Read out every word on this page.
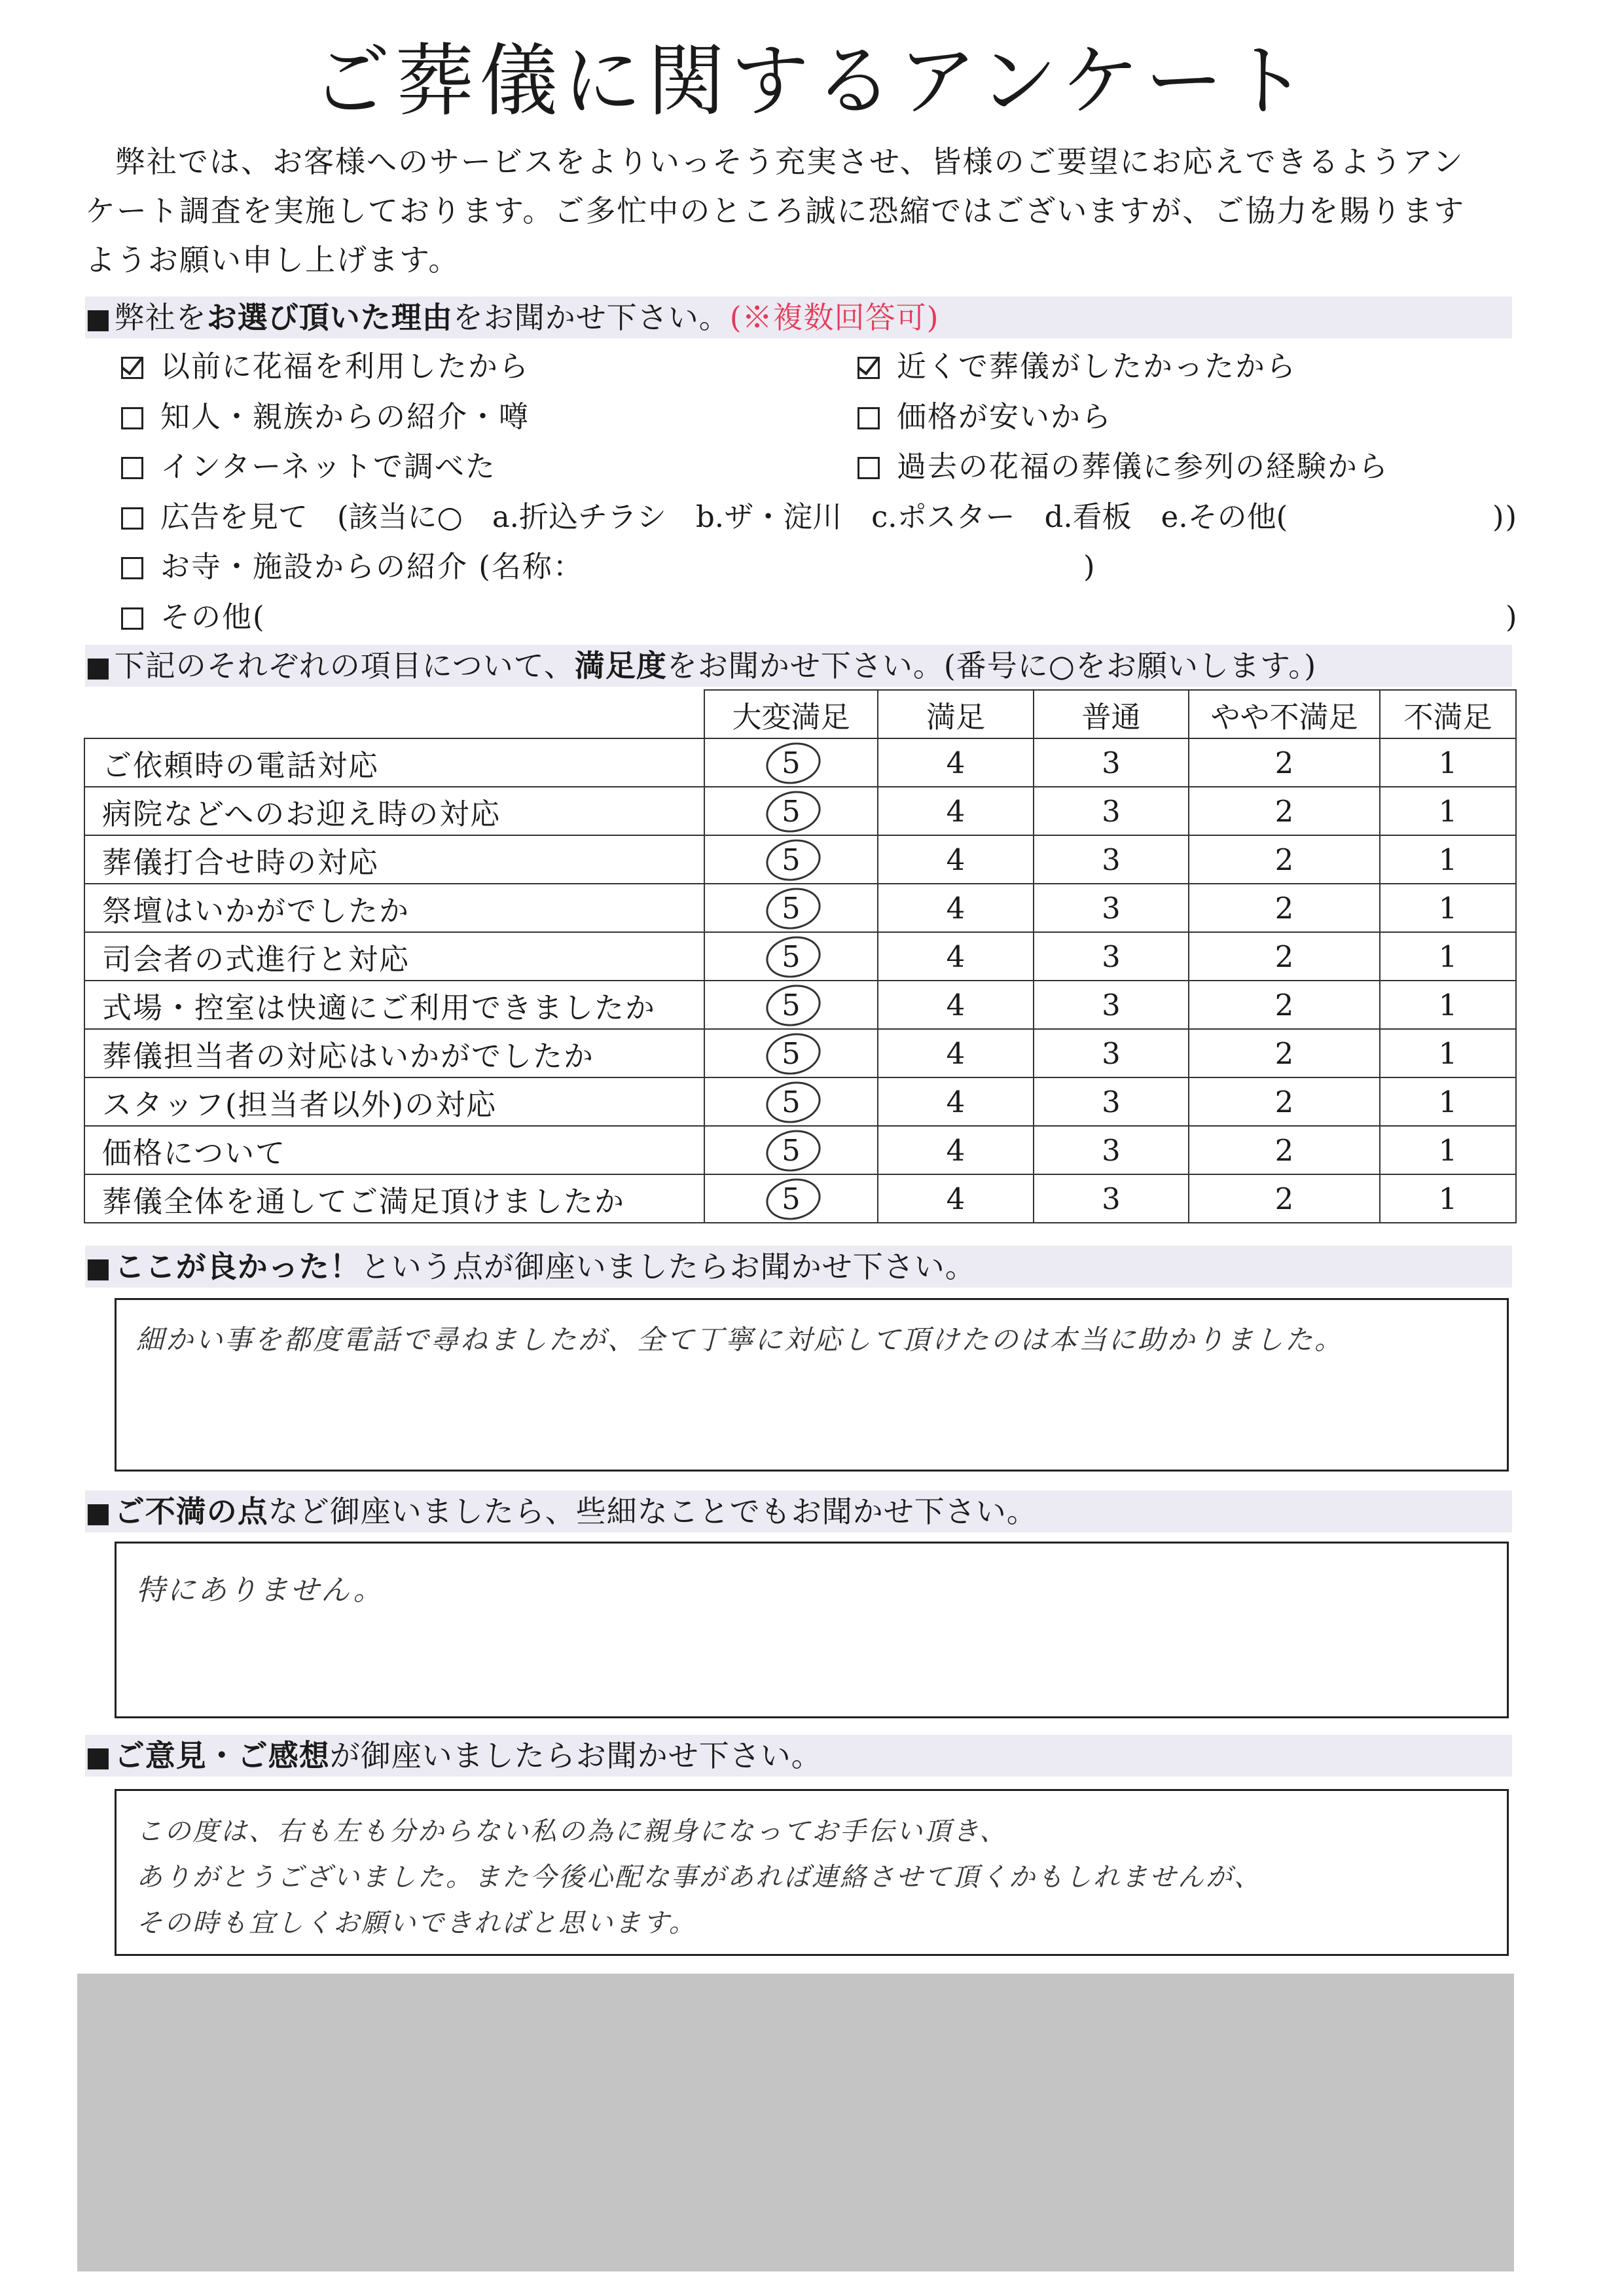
ご葬儀に関するアンケート
弊社では、お客様へのサービスをよりいっそう充実させ、皆様のご要望にお応えできるようアン
ケート調査を実施しております。ご多忙中のところ誠に恐縮ではございますが、ご協力を賜ります
ようお願い申し上げます。
■弊社をお選び頂いた理由をお聞かせ下さい。(※複数回答可)
以前に花福を利用したから	近くで葬儀がしたかったから
知人・親族からの紹介・噂	価格が安いから
インターネットで調べた	過去の花福の葬儀に参列の経験から
広告を見て　(該当に○　a.折込チラシ　b.ザ・淀川　c.ポスター　d.看板　e.その他(	))
お寺・施設からの紹介 (名称：	)
その他(	)
■下記のそれぞれの項目について、満足度をお聞かせ下さい。(番号に○をお願いします。)
	大変満足	満足	普通	やや不満足	不満足
ご依頼時の電話対応	5	4	3	2	1
病院などへのお迎え時の対応	5	4	3	2	1
葬儀打合せ時の対応	5	4	3	2	1
祭壇はいかがでしたか	5	4	3	2	1
司会者の式進行と対応	5	4	3	2	1
式場・控室は快適にご利用できましたか	5	4	3	2	1
葬儀担当者の対応はいかがでしたか	5	4	3	2	1
スタッフ(担当者以外)の対応	5	4	3	2	1
価格について	5	4	3	2	1
葬儀全体を通してご満足頂けましたか	5	4	3	2	1
■ここが良かった！という点が御座いましたらお聞かせ下さい。
細かい事を都度電話で尋ねましたが、全て丁寧に対応して頂けたのは本当に助かりました。
■ご不満の点など御座いましたら、些細なことでもお聞かせ下さい。
特にありません。
■ご意見・ご感想が御座いましたらお聞かせ下さい。
この度は、右も左も分からない私の為に親身になってお手伝い頂き、
ありがとうございました。また今後心配な事があれば連絡させて頂くかもしれませんが、
その時も宜しくお願いできればと思います。
